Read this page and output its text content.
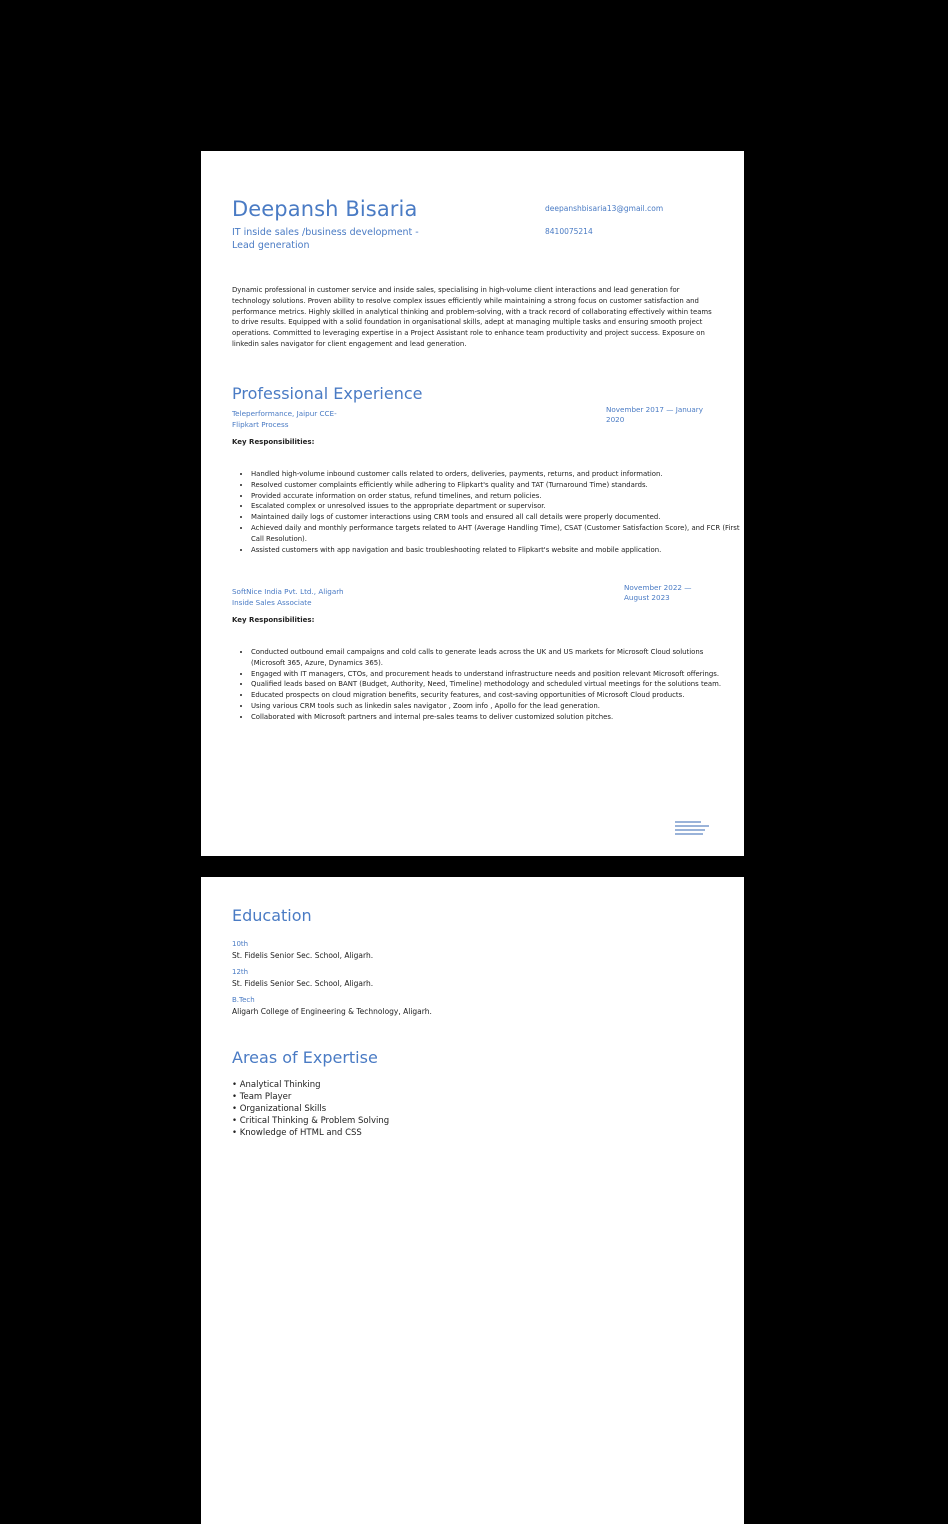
Deepansh Bisaria
IT inside sales /business development -Lead generation
deepanshbisaria13@gmail.com
8410075214
Dynamic professional in customer service and inside sales, specialising in high-volume client interactions and lead generation for technology solutions. Proven ability to resolve complex issues efficiently while maintaining a strong focus on customer satisfaction and performance metrics. Highly skilled in analytical thinking and problem-solving, with a track record of collaborating effectively within teams to drive results. Equipped with a solid foundation in organisational skills, adept at managing multiple tasks and ensuring smooth project operations. Committed to leveraging expertise in a Project Assistant role to enhance team productivity and project success. Exposure on linkedin sales navigator for client engagement and lead generation.
Professional Experience
Teleperformance, Jaipur CCE-
Flipkart Process
November 2017 — January 2020
Key Responsibilities:
• Handled high-volume inbound customer calls related to orders, deliveries, payments, returns, and product information.
• Resolved customer complaints efficiently while adhering to Flipkart's quality and TAT (Turnaround Time) standards.
• Provided accurate information on order status, refund timelines, and return policies.
• Escalated complex or unresolved issues to the appropriate department or supervisor.
• Maintained daily logs of customer interactions using CRM tools and ensured all call details were properly documented.
• Achieved daily and monthly performance targets related to AHT (Average Handling Time), CSAT (Customer Satisfaction Score), and FCR (First Call Resolution).
• Assisted customers with app navigation and basic troubleshooting related to Flipkart's website and mobile application.
SoftNice India Pvt. Ltd., Aligarh
Inside Sales Associate
November 2022 — August 2023
Key Responsibilities:
• Conducted outbound email campaigns and cold calls to generate leads across the UK and US markets for Microsoft Cloud solutions (Microsoft 365, Azure, Dynamics 365).
• Engaged with IT managers, CTOs, and procurement heads to understand infrastructure needs and position relevant Microsoft offerings.
• Qualified leads based on BANT (Budget, Authority, Need, Timeline) methodology and scheduled virtual meetings for the solutions team.
• Educated prospects on cloud migration benefits, security features, and cost-saving opportunities of Microsoft Cloud products.
• Using various CRM tools such as linkedin sales navigator , Zoom info , Apollo for the lead generation.
• Collaborated with Microsoft partners and internal pre-sales teams to deliver customized solution pitches.
Education
10th
St. Fidelis Senior Sec. School, Aligarh.
12th
St. Fidelis Senior Sec. School, Aligarh.
B.Tech
Aligarh College of Engineering & Technology, Aligarh.
Areas of Expertise
• Analytical Thinking
• Team Player
• Organizational Skills
• Critical Thinking & Problem Solving
• Knowledge of HTML and CSS
